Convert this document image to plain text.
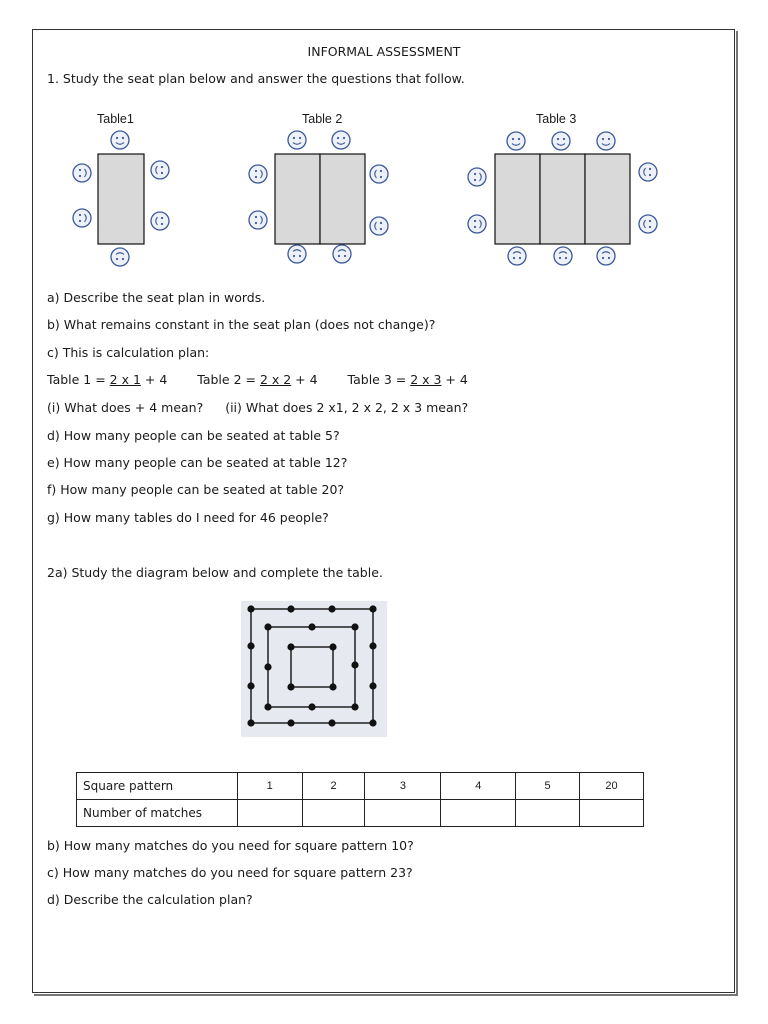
INFORMAL ASSESSMENT
1. Study the seat plan below and answer the questions that follow.
Table1	Table 2	Table 3
a) Describe the seat plan in words.
b) What remains constant in the seat plan (does not change)?
c) This is calculation plan:
Table 1 = 2 x 1 + 4 Table 2 = 2 x 2 + 4 Table 3 = 2 x 3 + 4
(i) What does + 4 mean? (ii) What does 2 x1, 2 x 2, 2 x 3 mean?
d) How many people can be seated at table 5?
e) How many people can be seated at table 12?
f) How many people can be seated at table 20?
g) How many tables do I need for 46 people?
2a) Study the diagram below and complete the table.
Square pattern	1	2	3	4	5	20
Number of matches						
b) How many matches do you need for square pattern 10?
c) How many matches do you need for square pattern 23?
d) Describe the calculation plan?
